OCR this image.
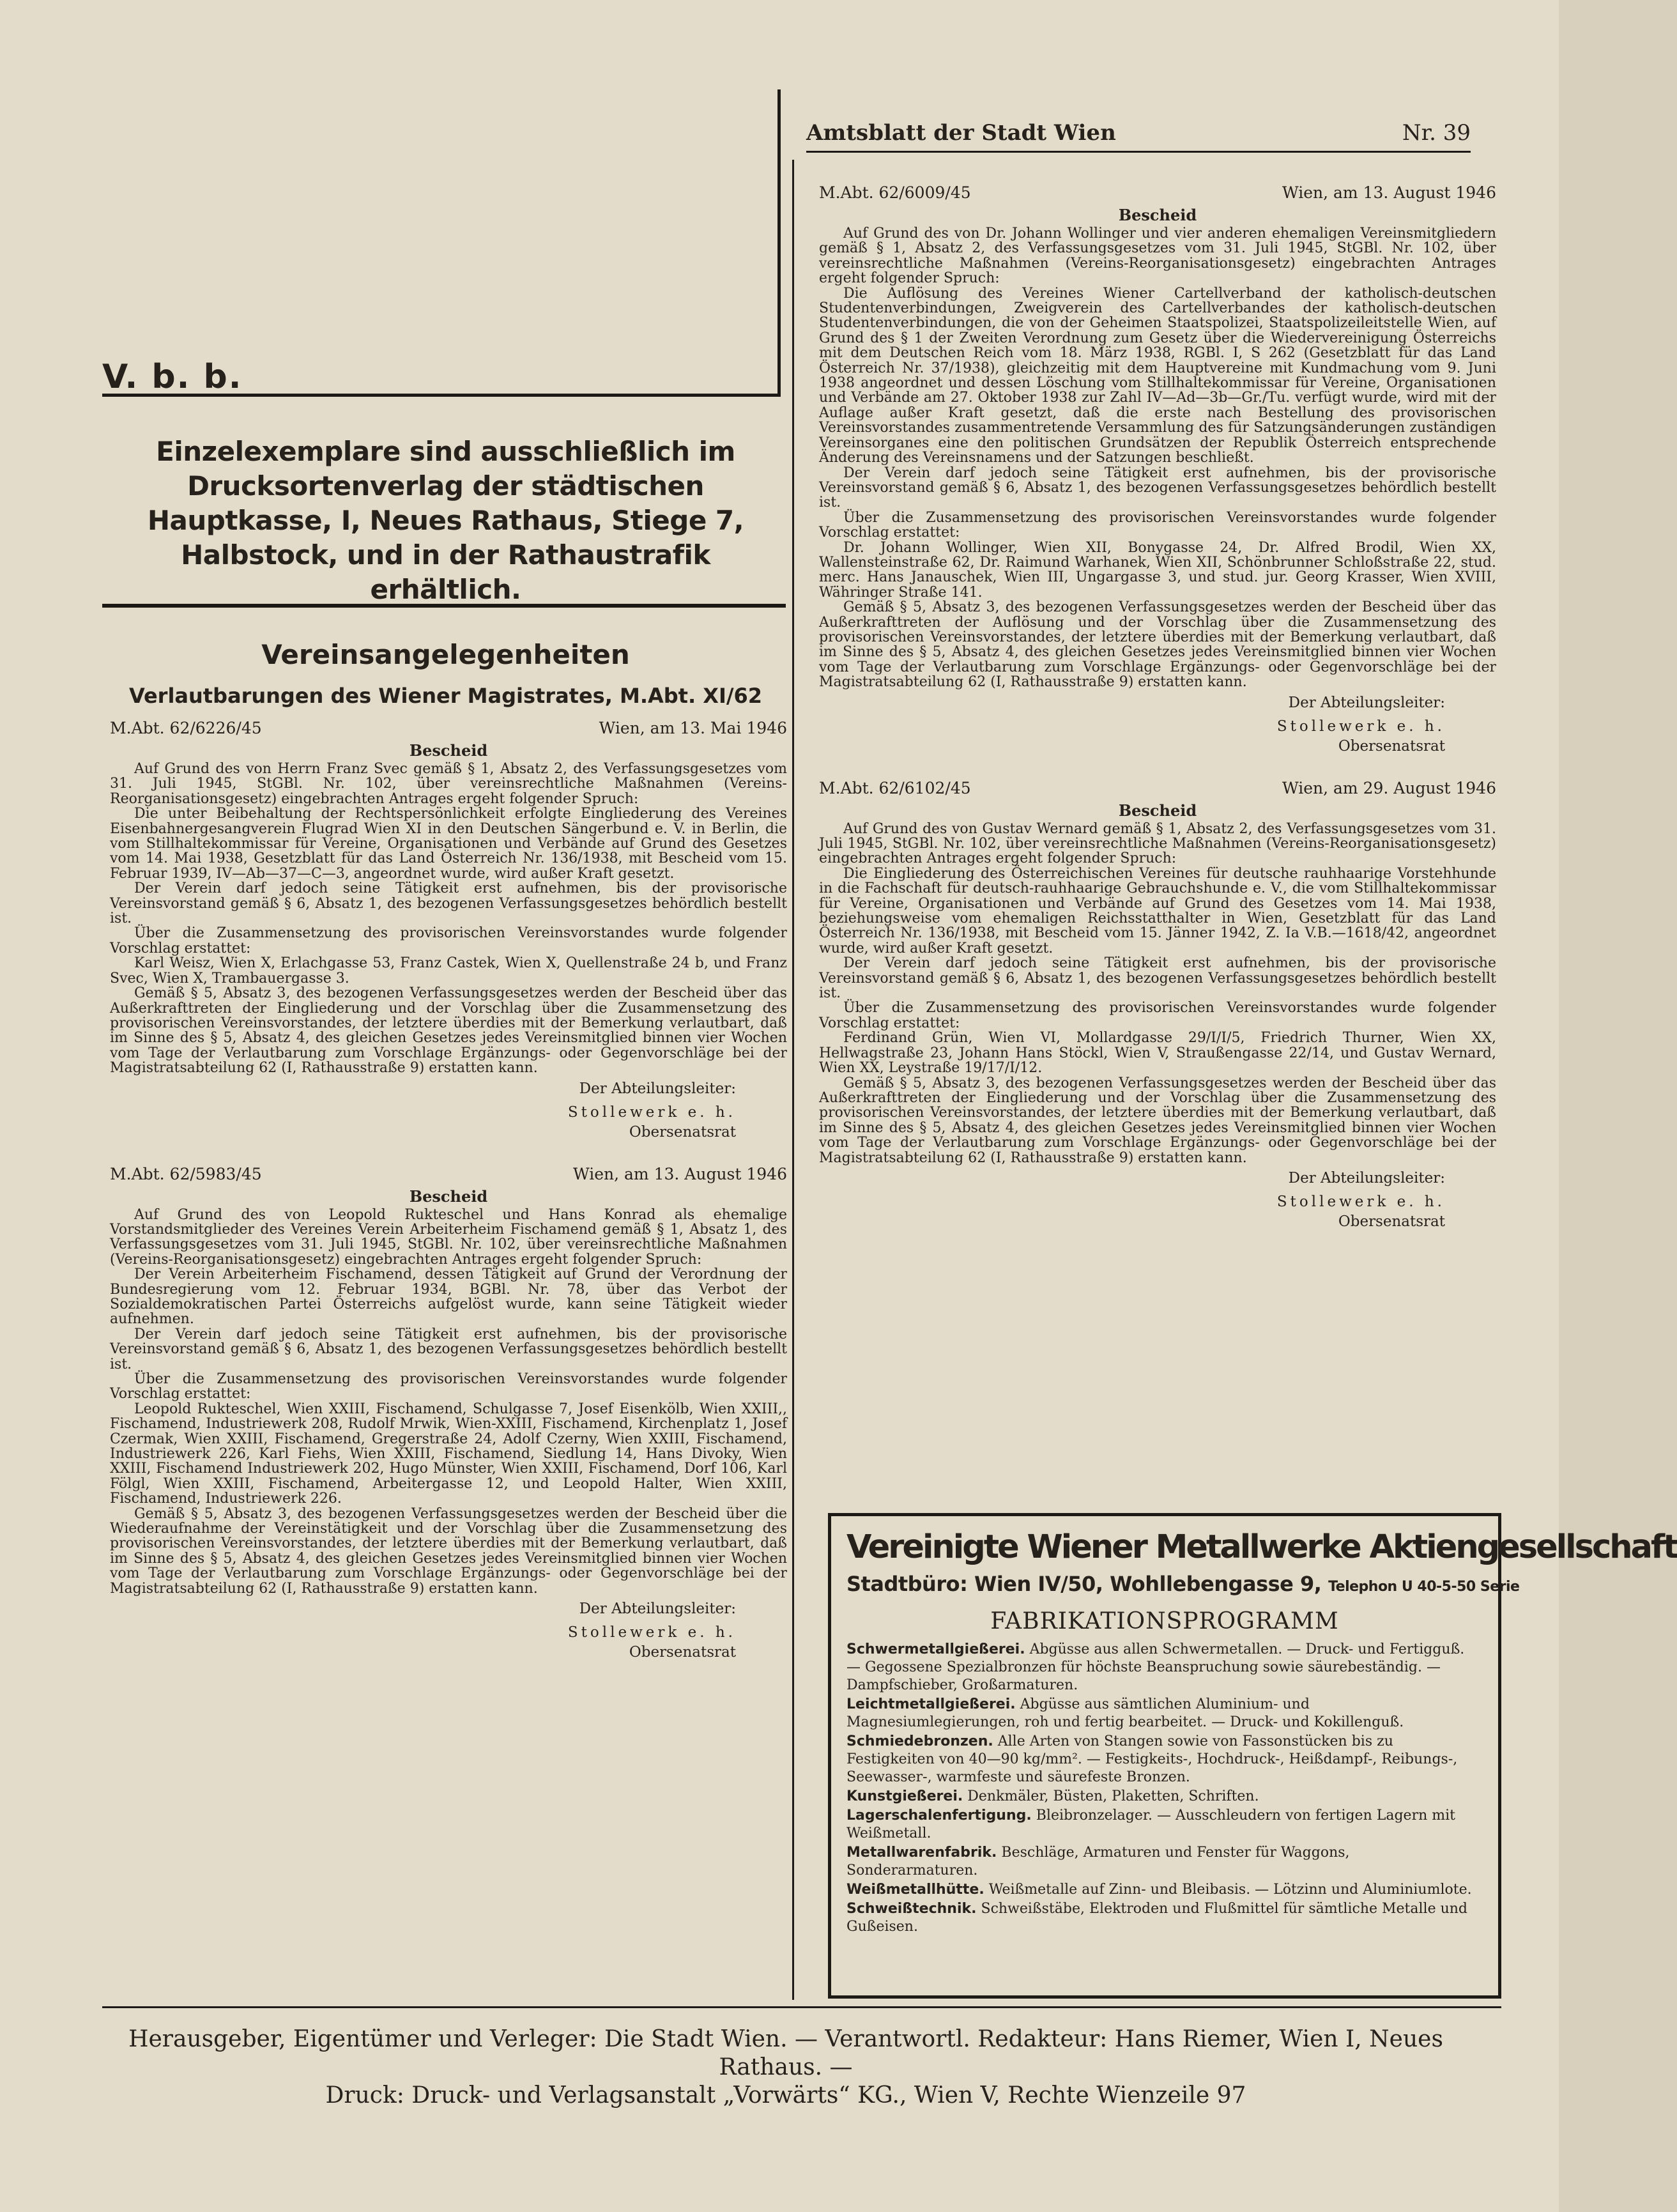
V. b. b.
Einzelexemplare sind ausschließlich im Drucksortenverlag der städtischen Hauptkasse, I, Neues Rathaus, Stiege 7, Halbstock, und in der Rathaustrafik erhältlich.
Amtsblatt der Stadt Wien	Nr. 39
Vereinsangelegenheiten
Verlautbarungen des Wiener Magistrates, M.Abt. XI/62
M.Abt. 62/6226/45	Wien, am 13. Mai 1946
Bescheid

Auf Grund des von Herrn Franz Svec gemäß § 1, Absatz 2, des Verfassungsgesetzes vom 31. Juli 1945, StGBl. Nr. 102, über vereinsrechtliche Maßnahmen (Vereins-Reorganisationsgesetz) eingebrachten Antrages ergeht folgender Spruch:

Die unter Beibehaltung der Rechtspersönlichkeit erfolgte Eingliederung des Vereines Eisenbahnergesangverein Flugrad Wien XI in den Deutschen Sängerbund e. V. in Berlin, die vom Stillhaltekommissar für Vereine, Organisationen und Verbände auf Grund des Gesetzes vom 14. Mai 1938, Gesetzblatt für das Land Österreich Nr. 136/1938, mit Bescheid vom 15. Februar 1939, IV—Ab—37—C—3, angeordnet wurde, wird außer Kraft gesetzt.

Der Verein darf jedoch seine Tätigkeit erst aufnehmen, bis der provisorische Vereinsvorstand gemäß § 6, Absatz 1, des bezogenen Verfassungsgesetzes behördlich bestellt ist.

Über die Zusammensetzung des provisorischen Vereinsvorstandes wurde folgender Vorschlag erstattet:

Karl Weisz, Wien X, Erlachgasse 53, Franz Castek, Wien X, Quellenstraße 24 b, und Franz Svec, Wien X, Trambauergasse 3.

Gemäß § 5, Absatz 3, des bezogenen Verfassungsgesetzes werden der Bescheid über das Außerkrafttreten der Eingliederung und der Vorschlag über die Zusammensetzung des provisorischen Vereinsvorstandes, der letztere überdies mit der Bemerkung verlautbart, daß im Sinne des § 5, Absatz 4, des gleichen Gesetzes jedes Vereinsmitglied binnen vier Wochen vom Tage der Verlautbarung zum Vorschlage Ergänzungs- oder Gegenvorschläge bei der Magistratsabteilung 62 (I, Rathausstraße 9) erstatten kann.

Der Abteilungsleiter:
Stollewerk e. h.
Obersenatsrat
M.Abt. 62/5983/45	Wien, am 13. August 1946
Bescheid

Auf Grund des von Leopold Rukteschel und Hans Konrad als ehemalige Vorstandsmitglieder des Vereines Verein Arbeiterheim Fischamend gemäß § 1, Absatz 1, des Verfassungsgesetzes vom 31. Juli 1945, StGBl. Nr. 102, über vereinsrechtliche Maßnahmen (Vereins-Reorganisationsgesetz) eingebrachten Antrages ergeht folgender Spruch:

Der Verein Arbeiterheim Fischamend, dessen Tätigkeit auf Grund der Verordnung der Bundesregierung vom 12. Februar 1934, BGBl. Nr. 78, über das Verbot der Sozialdemokratischen Partei Österreichs aufgelöst wurde, kann seine Tätigkeit wieder aufnehmen.

Der Verein darf jedoch seine Tätigkeit erst aufnehmen, bis der provisorische Vereinsvorstand gemäß § 6, Absatz 1, des bezogenen Verfassungsgesetzes behördlich bestellt ist.

Über die Zusammensetzung des provisorischen Vereinsvorstandes wurde folgender Vorschlag erstattet:

Leopold Rukteschel, Wien XXIII, Fischamend, Schulgasse 7, Josef Eisenkölb, Wien XXIII,, Fischamend, Industriewerk 208, Rudolf Mrwik, Wien-XXIII, Fischamend, Kirchenplatz 1, Josef Czermak, Wien XXIII, Fischamend, Gregerstraße 24, Adolf Czerny, Wien XXIII, Fischamend, Industriewerk 226, Karl Fiehs, Wien XXIII, Fischamend, Siedlung 14, Hans Divoky, Wien XXIII, Fischamend Industriewerk 202, Hugo Münster, Wien XXIII, Fischamend, Dorf 106, Karl Fölgl, Wien XXIII, Fischamend, Arbeitergasse 12, und Leopold Halter, Wien XXIII, Fischamend, Industriewerk 226.

Gemäß § 5, Absatz 3, des bezogenen Verfassungsgesetzes werden der Bescheid über die Wiederaufnahme der Vereinstätigkeit und der Vorschlag über die Zusammensetzung des provisorischen Vereinsvorstandes, der letztere überdies mit der Bemerkung verlautbart, daß im Sinne des § 5, Absatz 4, des gleichen Gesetzes jedes Vereinsmitglied binnen vier Wochen vom Tage der Verlautbarung zum Vorschlage Ergänzungs- oder Gegenvorschläge bei der Magistratsabteilung 62 (I, Rathausstraße 9) erstatten kann.

Der Abteilungsleiter:
Stollewerk e. h.
Obersenatsrat
M.Abt. 62/6009/45	Wien, am 13. August 1946
Bescheid

Auf Grund des von Dr. Johann Wollinger und vier anderen ehemaligen Vereinsmitgliedern gemäß § 1, Absatz 2, des Verfassungsgesetzes vom 31. Juli 1945, StGBl. Nr. 102, über vereinsrechtliche Maßnahmen (Vereins-Reorganisationsgesetz) eingebrachten Antrages ergeht folgender Spruch:

Die Auflösung des Vereines Wiener Cartellverband der katholisch-deutschen Studentenverbindungen, Zweigverein des Cartellverbandes der katholisch-deutschen Studentenverbindungen, die von der Geheimen Staatspolizei, Staatspolizeileitstelle Wien, auf Grund des § 1 der Zweiten Verordnung zum Gesetz über die Wiedervereinigung Österreichs mit dem Deutschen Reich vom 18. März 1938, RGBl. I, S 262 (Gesetzblatt für das Land Österreich Nr. 37/1938), gleichzeitig mit dem Hauptvereine mit Kundmachung vom 9. Juni 1938 angeordnet und dessen Löschung vom Stillhaltekommissar für Vereine, Organisationen und Verbände am 27. Oktober 1938 zur Zahl IV—Ad—3b—Gr./Tu. verfügt wurde, wird mit der Auflage außer Kraft gesetzt, daß die erste nach Bestellung des provisorischen Vereinsvorstandes zusammentretende Versammlung des für Satzungsänderungen zuständigen Vereinsorganes eine den politischen Grundsätzen der Republik Österreich entsprechende Änderung des Vereinsnamens und der Satzungen beschließt.

Der Verein darf jedoch seine Tätigkeit erst aufnehmen, bis der provisorische Vereinsvorstand gemäß § 6, Absatz 1, des bezogenen Verfassungsgesetzes behördlich bestellt ist.

Über die Zusammensetzung des provisorischen Vereinsvorstandes wurde folgender Vorschlag erstattet:

Dr. Johann Wollinger, Wien XII, Bonygasse 24, Dr. Alfred Brodil, Wien XX, Wallensteinstraße 62, Dr. Raimund Warhanek, Wien XII, Schönbrunner Schloßstraße 22, stud. merc. Hans Janauschek, Wien III, Ungargasse 3, und stud. jur. Georg Krasser, Wien XVIII, Währinger Straße 141.

Gemäß § 5, Absatz 3, des bezogenen Verfassungsgesetzes werden der Bescheid über das Außerkrafttreten der Auflösung und der Vorschlag über die Zusammensetzung des provisorischen Vereinsvorstandes, der letztere überdies mit der Bemerkung verlautbart, daß im Sinne des § 5, Absatz 4, des gleichen Gesetzes jedes Vereinsmitglied binnen vier Wochen vom Tage der Verlautbarung zum Vorschlage Ergänzungs- oder Gegenvorschläge bei der Magistratsabteilung 62 (I, Rathausstraße 9) erstatten kann.

Der Abteilungsleiter:
Stollewerk e. h.
Obersenatsrat
M.Abt. 62/6102/45	Wien, am 29. August 1946
Bescheid

Auf Grund des von Gustav Wernard gemäß § 1, Absatz 2, des Verfassungsgesetzes vom 31. Juli 1945, StGBl. Nr. 102, über vereinsrechtliche Maßnahmen (Vereins-Reorganisationsgesetz) eingebrachten Antrages ergeht folgender Spruch:

Die Eingliederung des Österreichischen Vereines für deutsche rauhhaarige Vorstehhunde in die Fachschaft für deutsch-rauhhaarige Gebrauchshunde e. V., die vom Stillhaltekommissar für Vereine, Organisationen und Verbände auf Grund des Gesetzes vom 14. Mai 1938, beziehungsweise vom ehemaligen Reichsstatthalter in Wien, Gesetzblatt für das Land Österreich Nr. 136/1938, mit Bescheid vom 15. Jänner 1942, Z. Ia V.B.—1618/42, angeordnet wurde, wird außer Kraft gesetzt.

Der Verein darf jedoch seine Tätigkeit erst aufnehmen, bis der provisorische Vereinsvorstand gemäß § 6, Absatz 1, des bezogenen Verfassungsgesetzes behördlich bestellt ist.

Über die Zusammensetzung des provisorischen Vereinsvorstandes wurde folgender Vorschlag erstattet:

Ferdinand Grün, Wien VI, Mollardgasse 29/I/I/5, Friedrich Thurner, Wien XX, Hellwagstraße 23, Johann Hans Stöckl, Wien V, Straußengasse 22/14, und Gustav Wernard, Wien XX, Leystraße 19/17/I/12.

Gemäß § 5, Absatz 3, des bezogenen Verfassungsgesetzes werden der Bescheid über das Außerkrafttreten der Eingliederung und der Vorschlag über die Zusammensetzung des provisorischen Vereinsvorstandes, der letztere überdies mit der Bemerkung verlautbart, daß im Sinne des § 5, Absatz 4, des gleichen Gesetzes jedes Vereinsmitglied binnen vier Wochen vom Tage der Verlautbarung zum Vorschlage Ergänzungs- oder Gegenvorschläge bei der Magistratsabteilung 62 (I, Rathausstraße 9) erstatten kann.

Der Abteilungsleiter:
Stollewerk e. h.
Obersenatsrat
Vereinigte Wiener Metallwerke Aktiengesellschaft
Stadtbüro: Wien IV/50, Wohllebengasse 9, Telephon U 40-5-50 Serie
FABRIKATIONSPROGRAMM
Schwermetallgießerei. Abgüsse aus allen Schwermetallen. — Druck- und Fertigguß. — Gegossene Spezialbronzen für höchste Beanspruchung sowie säurebeständig. — Dampfschieber, Großarmaturen.
Leichtmetallgießerei. Abgüsse aus sämtlichen Aluminium- und Magnesiumlegierungen, roh und fertig bearbeitet. — Druck- und Kokillenguß.
Schmiedebronzen. Alle Arten von Stangen sowie von Fassonstücken bis zu Festigkeiten von 40—90 kg/mm². — Festigkeits-, Hochdruck-, Heißdampf-, Reibungs-, Seewasser-, warmfeste und säurefeste Bronzen.
Kunstgießerei. Denkmäler, Büsten, Plaketten, Schriften.
Lagerschalenfertigung. Bleibronzelager. — Ausschleudern von fertigen Lagern mit Weißmetall.
Metallwarenfabrik. Beschläge, Armaturen und Fenster für Waggons, Sonderarmaturen.
Weißmetallhütte. Weißmetalle auf Zinn- und Bleibasis. — Lötzinn und Aluminiumlote.
Schweißtechnik. Schweißstäbe, Elektroden und Flußmittel für sämtliche Metalle und Gußeisen.
Herausgeber, Eigentümer und Verleger: Die Stadt Wien. — Verantwortl. Redakteur: Hans Riemer, Wien I, Neues Rathaus. —
Druck: Druck- und Verlagsanstalt „Vorwärts“ KG., Wien V, Rechte Wienzeile 97
